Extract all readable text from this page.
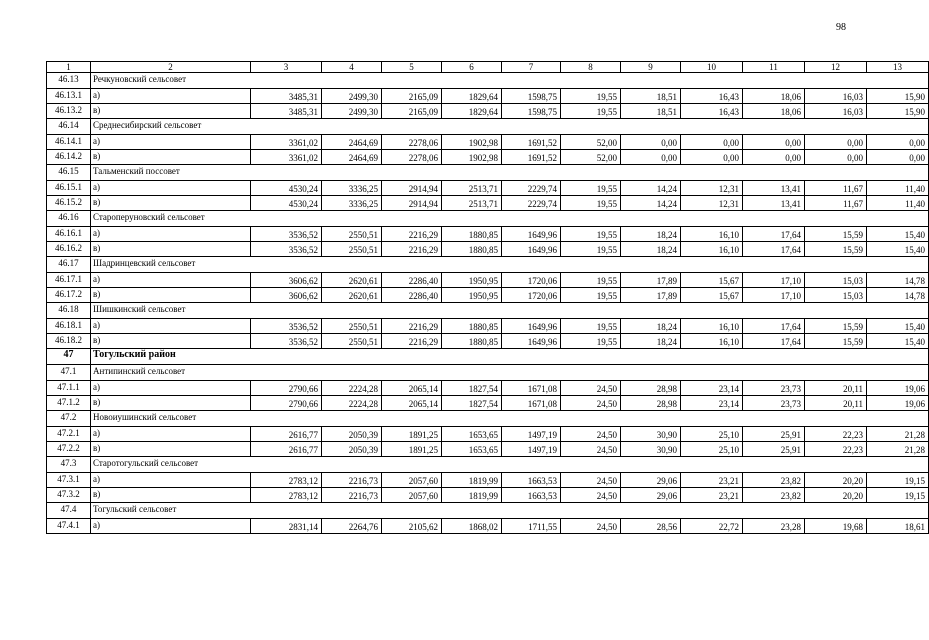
98
1	2	3	4	5	6	7	8	9	10	11	12	13
46.13	Речкуновский сельсовет											
46.13.1	а)	3485,31	2499,30	2165,09	1829,64	1598,75	19,55	18,51	16,43	18,06	16,03	15,90
46.13.2	в)	3485,31	2499,30	2165,09	1829,64	1598,75	19,55	18,51	16,43	18,06	16,03	15,90
46.14	Среднесибирский сельсовет											
46.14.1	а)	3361,02	2464,69	2278,06	1902,98	1691,52	52,00	0,00	0,00	0,00	0,00	0,00
46.14.2	в)	3361,02	2464,69	2278,06	1902,98	1691,52	52,00	0,00	0,00	0,00	0,00	0,00
46.15	Тальменский поссовет											
46.15.1	а)	4530,24	3336,25	2914,94	2513,71	2229,74	19,55	14,24	12,31	13,41	11,67	11,40
46.15.2	в)	4530,24	3336,25	2914,94	2513,71	2229,74	19,55	14,24	12,31	13,41	11,67	11,40
46.16	Староперуновский сельсовет											
46.16.1	а)	3536,52	2550,51	2216,29	1880,85	1649,96	19,55	18,24	16,10	17,64	15,59	15,40
46.16.2	в)	3536,52	2550,51	2216,29	1880,85	1649,96	19,55	18,24	16,10	17,64	15,59	15,40
46.17	Шадринцевский сельсовет											
46.17.1	а)	3606,62	2620,61	2286,40	1950,95	1720,06	19,55	17,89	15,67	17,10	15,03	14,78
46.17.2	в)	3606,62	2620,61	2286,40	1950,95	1720,06	19,55	17,89	15,67	17,10	15,03	14,78
46.18	Шишкинский сельсовет											
46.18.1	а)	3536,52	2550,51	2216,29	1880,85	1649,96	19,55	18,24	16,10	17,64	15,59	15,40
46.18.2	в)	3536,52	2550,51	2216,29	1880,85	1649,96	19,55	18,24	16,10	17,64	15,59	15,40
47	Тогульский район											
47.1	Антипинский сельсовет											
47.1.1	а)	2790,66	2224,28	2065,14	1827,54	1671,08	24,50	28,98	23,14	23,73	20,11	19,06
47.1.2	в)	2790,66	2224,28	2065,14	1827,54	1671,08	24,50	28,98	23,14	23,73	20,11	19,06
47.2	Новоиушинский сельсовет											
47.2.1	а)	2616,77	2050,39	1891,25	1653,65	1497,19	24,50	30,90	25,10	25,91	22,23	21,28
47.2.2	в)	2616,77	2050,39	1891,25	1653,65	1497,19	24,50	30,90	25,10	25,91	22,23	21,28
47.3	Старотогульский сельсовет											
47.3.1	а)	2783,12	2216,73	2057,60	1819,99	1663,53	24,50	29,06	23,21	23,82	20,20	19,15
47.3.2	в)	2783,12	2216,73	2057,60	1819,99	1663,53	24,50	29,06	23,21	23,82	20,20	19,15
47.4	Тогульский сельсовет											
47.4.1	а)	2831,14	2264,76	2105,62	1868,02	1711,55	24,50	28,56	22,72	23,28	19,68	18,61
